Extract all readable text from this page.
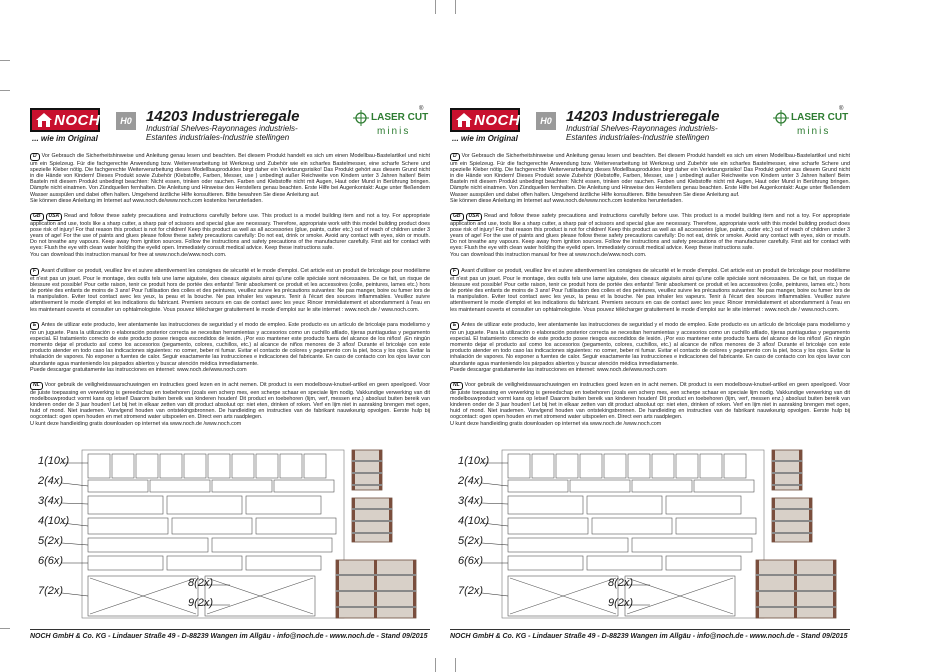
NOCH
... wie im Original
H0 14203 Industrieregale
Industrial Shelves-Rayonnages industriels-
Estantes industriales-Industrie stellingen
LASER CUT
minis
®
D Vor Gebrauch die Sicherheitshinweise und Anleitung genau lesen und beachten. Bei diesem Produkt handelt es sich um einen Modellbau-Bastelartikel und nicht um ein Spielzeug. Für die fachgerechte Anwendung bzw. Weiterverarbeitung ist Werkzeug und Zubehör wie ein scharfes Bastelmesser, eine scharfe Schere und spezielle Kleber nötig. Die fachgerechte Weiterverarbeitung dieses Modellbauproduktes birgt daher ein Verletzungsrisiko! Das Produkt gehört aus diesem Grund nicht in die Hände von Kindern! Dieses Produkt sowie Zubehör (Klebstoffe, Farben, Messer, use ) unbedingt außer Reichweite von Kindern unter 3 Jahren halten! Beim Basteln mit diesem Produkt unbedingt beachten: Nicht essen, trinken oder rauchen. Farben und Klebstoffe nicht mit Augen, Haut oder Mund in Berührung bringen. Dämpfe nicht einatmen. Von Zündquellen fernhalten. Die Anleitung und Hinweise des Herstellers genau beachten. Erste Hilfe bei Augenkontakt: Auge unter fließendem Wasser ausspülen und dabei offen halten. Umgehend ärztliche Hilfe konsultieren. Bitte bewahren Sie diese Anleitung auf.
Sie können diese Anleitung im Internet auf www.noch.de/www.noch.com kostenlos herunterladen.
GB USA Read and follow these safety precautions and instructions carefully before use. This product is a model building item and not a toy. For appropriate application and use, tools like a sharp cutter, a sharp pair of scissors and special glue are necessary. Therefore, appropriate work with this model building product does pose risk of injury! For that reason this product is not for children! Keep this product as well as all accessories (glue, paints, cutter etc.) out of reach of children under 3 years of age! For the use of paints and glues please follow these safety precautions carefully: Do not eat, drink or smoke. Avoid any contact with eyes, skin or mouth. Do not breathe any vapours. Keep away from ignition sources. Follow the instructions and safety precautions of the manufacturer carefully. First aid for contact with eyes: Flush the eye with clean water holding the eyelid open. Immediately consult medical advice. Keep these instructions safe.
You can download this instruction manual for free at www.noch.de/www.noch.com.
F Avant d'utiliser ce produit, veuillez lire et suivre attentivement les consignes de sécurité et le mode d'emploi. Cet article est un produit de bricolage pour modélisme et n'est pas un jouet. Pour le montage, des outils tels une lame aiguisée, des ciseaux aiguisés ainsi qu'une colle spéciale sont nécessaires. De ce fait, un risque de blessure est possible! Pour cette raison, tenir ce produit hors de portée des enfants! Tenir absolument ce produit et les accessoires (colle, peintures, lames etc.) hors de portée des enfants de moins de 3 ans! Pour l'utilisation des colles et des peintures, veuillez suivre les précautions suivantes: Ne pas manger, boire ou fumer lors de la manipulation. Eviter tout contact avec les yeux, la peau et la bouche. Ne pas inhaler les vapeurs. Tenir à l'écart des sources inflammables. Veuillez suivre attentivement le mode d'emploi et les indications du fabricant. Premiers secours en cas de contact avec les yeux: Rincer immédiatement et abondamment à l'eau en les maintenant ouverts et consulter un ophtalmologiste. Vous pouvez télécharger gratuitement le mode d'emploi sur le site internet : www.noch.de / www.noch.com.
E Antes de utilizar este producto, leer atentamente las instrucciones de seguridad y el modo de empleo. Este producto es un artículo de bricolaje para modelismo y no un juguete. Para la utilización o elaboración posterior correcta se necesitan herramientas y accesorios como un cuchillo afilado, tijeras puntiagudas y pegamento especial. El tratamiento correcto de este producto posee riesgos escondidos de lesión. ¡Por eso mantener este producto fuera del alcance de los niños! ¡En ningún momento dejar el producto así como los accesorios (pegamento, colores, cuchillos, etc.) al alcance de niños menores de 3 años! Durante el bricolaje con este producto atender en todo caso las indicaciones siguientes: no comer, beber ni fumar. Evitar el contacto de colores y pegamento con la piel, boca y los ojos. Evitar la inhalación de vapores. No exponer a fuentes de calor. Seguir exactamente las instrucciones e indicaciones del fabricante. En caso de contacto con los ojos lavar con abundante agua manteniendo los párpados abiertos y buscar atención médica inmediatamente.
Puede descargar gratuitamente las instrucciones en internet: www.noch.de/www.noch.com
NL Voor gebruik de veiligheidswaarschuwingen en instructies goed lezen en in acht nemen. Dit product is een modelbouw-knutsel-artikel en geen speelgoed. Voor de juiste toepassing en verwerking is gereedschap en toebehoren (zoals een scherp mes, een scherpe schaar en speciale lijm nodig. Vakkundige verwerking van dit modelbouwproduct vormt kans op letsel! Daarom buiten bereik van kinderen houden! Dit product en toebehoren (lijm, verf, messen enz.) absoluut buiten bereik van kinderen onder de 3 jaar houden! Let bij het in elkaar zetten van dit product absoluut op: niet eten, drinken of roken. Verf en lijm niet in aanraking brengen met ogen, huid of mond. Niet inademen. Vanvlgend houden van ontstekingsbronnen. De handleiding en instructies van de fabrikant nauwkeurig opvolgen. Eerste hulp bij oogcontact: ogen open houden en met stromend water uitspoelen en. Direct een arts raadplegen.
U kunt deze handleiding gratis downloaden op internet via www.noch.de /www.noch.com
1(10x)
2(4x)
3(4x)
4(10x)
5(2x)
6(6x)
7(2x)
8(2x)
9(2x)
NOCH GmbH & Co. KG - Lindauer Straße 49 - D-88239 Wangen im Allgäu - info@noch.de - www.noch.de - Stand 09/2015
NOCH
... wie im Original
H0 14203 Industrieregale
Industrial Shelves-Rayonnages industriels-
Estantes industriales-Industrie stellingen
LASER CUT
minis
®
D Vor Gebrauch die Sicherheitshinweise und Anleitung genau lesen und beachten. Bei diesem Produkt handelt es sich um einen Modellbau-Bastelartikel und nicht um ein Spielzeug. Für die fachgerechte Anwendung bzw. Weiterverarbeitung ist Werkzeug und Zubehör wie ein scharfes Bastelmesser, eine scharfe Schere und spezielle Kleber nötig. Die fachgerechte Weiterverarbeitung dieses Modellbauproduktes birgt daher ein Verletzungsrisiko! Das Produkt gehört aus diesem Grund nicht in die Hände von Kindern! Dieses Produkt sowie Zubehör (Klebstoffe, Farben, Messer, use ) unbedingt außer Reichweite von Kindern unter 3 Jahren halten! Beim Basteln mit diesem Produkt unbedingt beachten: Nicht essen, trinken oder rauchen. Farben und Klebstoffe nicht mit Augen, Haut oder Mund in Berührung bringen. Dämpfe nicht einatmen. Von Zündquellen fernhalten. Die Anleitung und Hinweise des Herstellers genau beachten. Erste Hilfe bei Augenkontakt: Auge unter fließendem Wasser ausspülen und dabei offen halten. Umgehend ärztliche Hilfe konsultieren. Bitte bewahren Sie diese Anleitung auf.
Sie können diese Anleitung im Internet auf www.noch.de/www.noch.com kostenlos herunterladen.
GB USA Read and follow these safety precautions and instructions carefully before use. This product is a model building item and not a toy. For appropriate application and use, tools like a sharp cutter, a sharp pair of scissors and special glue are necessary. Therefore, appropriate work with this model building product does pose risk of injury! For that reason this product is not for children! Keep this product as well as all accessories (glue, paints, cutter etc.) out of reach of children under 3 years of age! For the use of paints and glues please follow these safety precautions carefully: Do not eat, drink or smoke. Avoid any contact with eyes, skin or mouth. Do not breathe any vapours. Keep away from ignition sources. Follow the instructions and safety precautions of the manufacturer carefully. First aid for contact with eyes: Flush the eye with clean water holding the eyelid open. Immediately consult medical advice. Keep these instructions safe.
You can download this instruction manual for free at www.noch.de/www.noch.com.
F Avant d'utiliser ce produit, veuillez lire et suivre attentivement les consignes de sécurité et le mode d'emploi. Cet article est un produit de bricolage pour modélisme et n'est pas un jouet. Pour le montage, des outils tels une lame aiguisée, des ciseaux aiguisés ainsi qu'une colle spéciale sont nécessaires. De ce fait, un risque de blessure est possible! Pour cette raison, tenir ce produit hors de portée des enfants! Tenir absolument ce produit et les accessoires (colle, peintures, lames etc.) hors de portée des enfants de moins de 3 ans! Pour l'utilisation des colles et des peintures, veuillez suivre les précautions suivantes: Ne pas manger, boire ou fumer lors de la manipulation. Eviter tout contact avec les yeux, la peau et la bouche. Ne pas inhaler les vapeurs. Tenir à l'écart des sources inflammables. Veuillez suivre attentivement le mode d'emploi et les indications du fabricant. Premiers secours en cas de contact avec les yeux: Rincer immédiatement et abondamment à l'eau en les maintenant ouverts et consulter un ophtalmologiste. Vous pouvez télécharger gratuitement le mode d'emploi sur le site internet : www.noch.de / www.noch.com.
E Antes de utilizar este producto, leer atentamente las instrucciones de seguridad y el modo de empleo. Este producto es un artículo de bricolaje para modelismo y no un juguete. Para la utilización o elaboración posterior correcta se necesitan herramientas y accesorios como un cuchillo afilado, tijeras puntiagudas y pegamento especial. El tratamiento correcto de este producto posee riesgos escondidos de lesión. ¡Por eso mantener este producto fuera del alcance de los niños! ¡En ningún momento dejar el producto así como los accesorios (pegamento, colores, cuchillos, etc.) al alcance de niños menores de 3 años! Durante el bricolaje con este producto atender en todo caso las indicaciones siguientes: no comer, beber ni fumar. Evitar el contacto de colores y pegamento con la piel, boca y los ojos. Evitar la inhalación de vapores. No exponer a fuentes de calor. Seguir exactamente las instrucciones e indicaciones del fabricante. En caso de contacto con los ojos lavar con abundante agua manteniendo los párpados abiertos y buscar atención médica inmediatamente.
Puede descargar gratuitamente las instrucciones en internet: www.noch.de/www.noch.com
NL Voor gebruik de veiligheidswaarschuwingen en instructies goed lezen en in acht nemen. Dit product is een modelbouw-knutsel-artikel en geen speelgoed. Voor de juiste toepassing en verwerking is gereedschap en toebehoren (zoals een scherp mes, een scherpe schaar en speciale lijm nodig. Vakkundige verwerking van dit modelbouwproduct vormt kans op letsel! Daarom buiten bereik van kinderen houden! Dit product en toebehoren (lijm, verf, messen enz.) absoluut buiten bereik van kinderen onder de 3 jaar houden! Let bij het in elkaar zetten van dit product absoluut op: niet eten, drinken of roken. Verf en lijm niet in aanraking brengen met ogen, huid of mond. Niet inademen. Vanvlgend houden van ontstekingsbronnen. De handleiding en instructies van de fabrikant nauwkeurig opvolgen. Eerste hulp bij oogcontact: ogen open houden en met stromend water uitspoelen en. Direct een arts raadplegen.
U kunt deze handleiding gratis downloaden op internet via www.noch.de /www.noch.com
1(10x)
2(4x)
3(4x)
4(10x)
5(2x)
6(6x)
7(2x)
8(2x)
9(2x)
NOCH GmbH & Co. KG - Lindauer Straße 49 - D-88239 Wangen im Allgäu - info@noch.de - www.noch.de - Stand 09/2015
